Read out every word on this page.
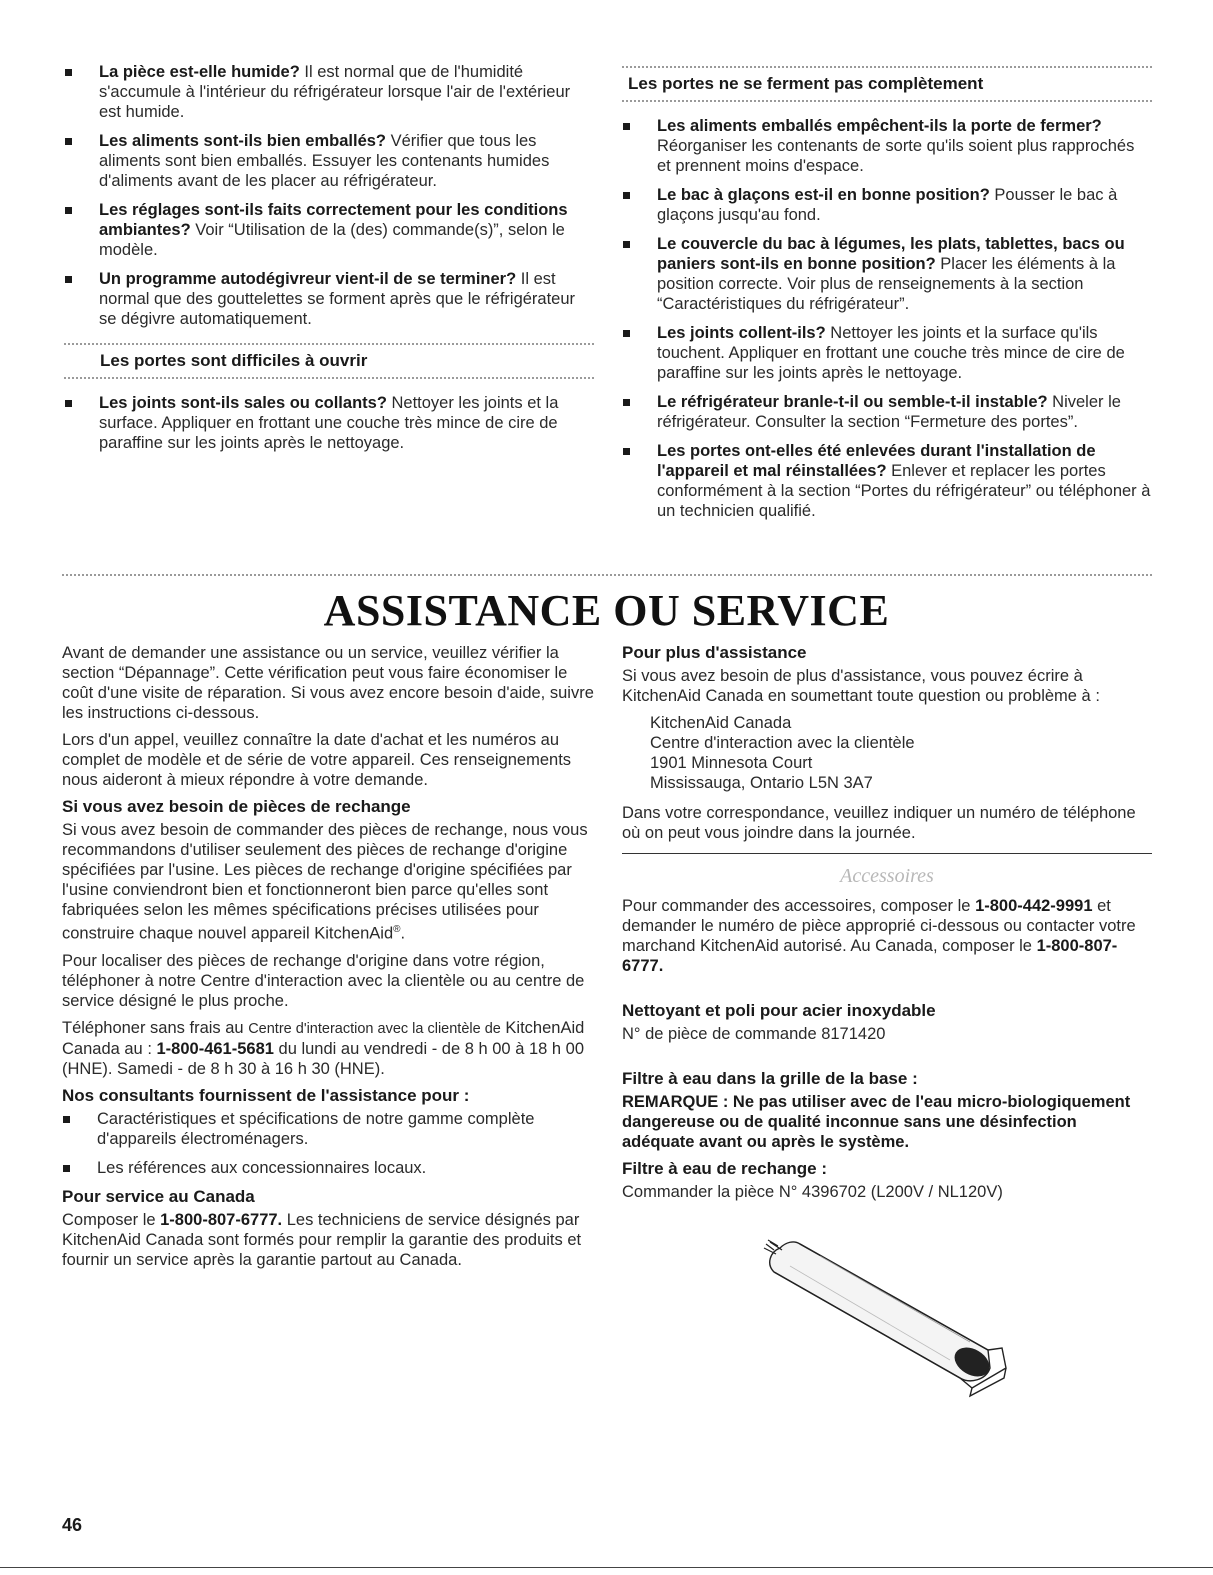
La pièce est-elle humide? Il est normal que de l'humidité s'accumule à l'intérieur du réfrigérateur lorsque l'air de l'extérieur est humide.
Les aliments sont-ils bien emballés? Vérifier que tous les aliments sont bien emballés. Essuyer les contenants humides d'aliments avant de les placer au réfrigérateur.
Les réglages sont-ils faits correctement pour les conditions ambiantes? Voir “Utilisation de la (des) commande(s)”, selon le modèle.
Un programme autodégivreur vient-il de se terminer? Il est normal que des gouttelettes se forment après que le réfrigérateur se dégivre automatiquement.
Les portes sont difficiles à ouvrir
Les joints sont-ils sales ou collants? Nettoyer les joints et la surface. Appliquer en frottant une couche très mince de cire de paraffine sur les joints après le nettoyage.
Les portes ne se ferment pas complètement
Les aliments emballés empêchent-ils la porte de fermer? Réorganiser les contenants de sorte qu'ils soient plus rapprochés et prennent moins d'espace.
Le bac à glaçons est-il en bonne position? Pousser le bac à glaçons jusqu'au fond.
Le couvercle du bac à légumes, les plats, tablettes, bacs ou paniers sont-ils en bonne position? Placer les éléments à la position correcte. Voir plus de renseignements à la section “Caractéristiques du réfrigérateur”.
Les joints collent-ils? Nettoyer les joints et la surface qu'ils touchent. Appliquer en frottant une couche très mince de cire de paraffine sur les joints après le nettoyage.
Le réfrigérateur branle-t-il ou semble-t-il instable? Niveler le réfrigérateur. Consulter la section “Fermeture des portes”.
Les portes ont-elles été enlevées durant l'installation de l'appareil et mal réinstallées? Enlever et replacer les portes conformément à la section “Portes du réfrigérateur” ou téléphoner à un technicien qualifié.
ASSISTANCE OU SERVICE

Avant de demander une assistance ou un service, veuillez vérifier la section “Dépannage”. Cette vérification peut vous faire économiser le coût d'une visite de réparation. Si vous avez encore besoin d'aide, suivre les instructions ci-dessous.

Lors d'un appel, veuillez connaître la date d'achat et les numéros au complet de modèle et de série de votre appareil. Ces renseignements nous aideront à mieux répondre à votre demande.

Si vous avez besoin de pièces de rechange

Si vous avez besoin de commander des pièces de rechange, nous vous recommandons d'utiliser seulement des pièces de rechange d'origine spécifiées par l'usine. Les pièces de rechange d'origine spécifiées par l'usine conviendront bien et fonctionneront bien parce qu'elles sont fabriquées selon les mêmes spécifications précises utilisées pour construire chaque nouvel appareil KitchenAid®.

Pour localiser des pièces de rechange d'origine dans votre région, téléphoner à notre Centre d'interaction avec la clientèle ou au centre de service désigné le plus proche.

Téléphoner sans frais au Centre d'interaction avec la clientèle de KitchenAid Canada au : 1-800-461-5681 du lundi au vendredi - de 8 h 00 à 18 h 00 (HNE). Samedi - de 8 h 30 à 16 h 30 (HNE).

Nos consultants fournissent de l'assistance pour :
Caractéristiques et spécifications de notre gamme complète d'appareils électroménagers.
Les références aux concessionnaires locaux.
Pour service au Canada

Composer le 1-800-807-6777. Les techniciens de service désignés par KitchenAid Canada sont formés pour remplir la garantie des produits et fournir un service après la garantie partout au Canada.

Pour plus d'assistance

Si vous avez besoin de plus d'assistance, vous pouvez écrire à KitchenAid Canada en soumettant toute question ou problème à :

KitchenAid Canada
Centre d'interaction avec la clientèle
1901 Minnesota Court
Mississauga, Ontario L5N 3A7

Dans votre correspondance, veuillez indiquer un numéro de téléphone où on peut vous joindre dans la journée.

Accessoires

Pour commander des accessoires, composer le 1-800-442-9991 et demander le numéro de pièce approprié ci-dessous ou contacter votre marchand KitchenAid autorisé. Au Canada, composer le 1-800-807-6777.

Nettoyant et poli pour acier inoxydable

N° de pièce de commande 8171420

Filtre à eau dans la grille de la base :

REMARQUE : Ne pas utiliser avec de l'eau micro-biologiquement dangereuse ou de qualité inconnue sans une désinfection adéquate avant ou après le système.

Filtre à eau de rechange :

Commander la pièce N° 4396702 (L200V / NL120V)

46
